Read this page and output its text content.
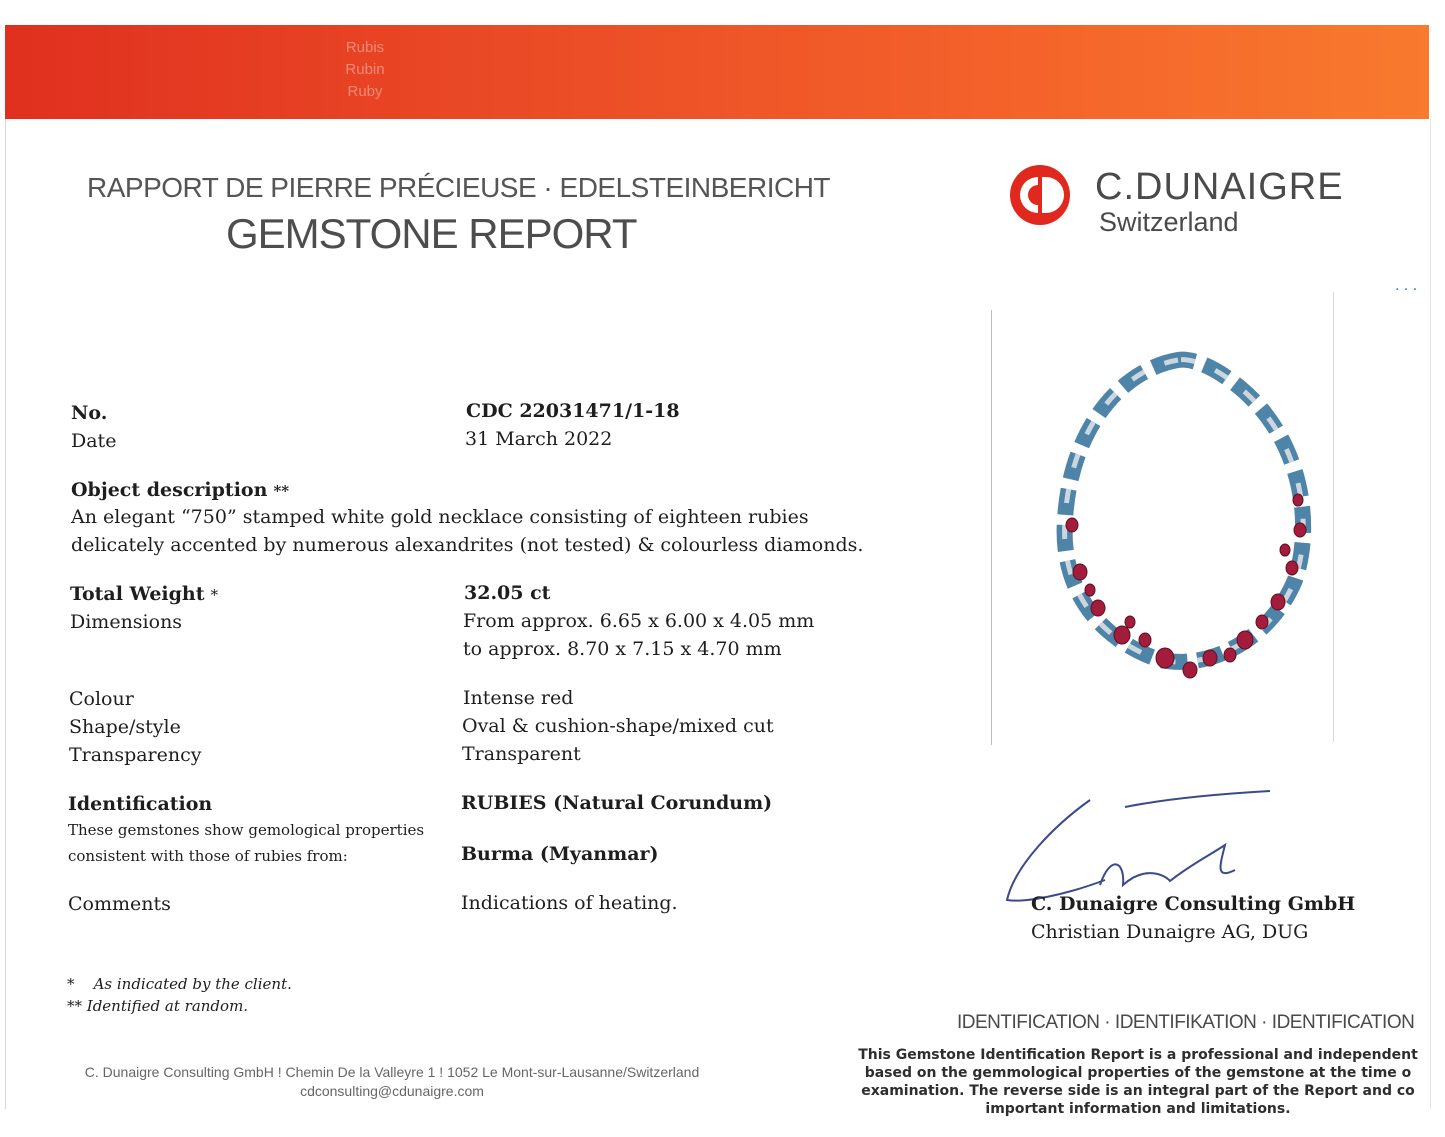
Rubis
Rubin
Ruby
RAPPORT DE PIERRE PRÉCIEUSE · EDELSTEINBERICHT
GEMSTONE REPORT
C.DUNAIGRE
Switzerland
· · ·
No.	CDC 22031471/1-18
Date	31 March 2022
Object description **
An elegant “750” stamped white gold necklace consisting of eighteen rubies
delicately accented by numerous alexandrites (not tested) & colourless diamonds.
Total Weight *	32.05 ct
Dimensions	From approx. 6.65 x 6.00 x 4.05 mm
to approx. 8.70 x 7.15 x 4.70 mm
Colour	Intense red
Shape/style	Oval & cushion-shape/mixed cut
Transparency	Transparent
Identification	RUBIES (Natural Corundum)
These gemstones show gemological properties
consistent with those of rubies from:	Burma (Myanmar)
Comments	Indications of heating.
* As indicated by the client.
** Identified at random.
C. Dunaigre Consulting GmbH
Christian Dunaigre AG, DUG
IDENTIFICATION · IDENTIFIKATION · IDENTIFICATION
This Gemstone Identification Report is a professional and independent
based on the gemmological properties of the gemstone at the time o
examination. The reverse side is an integral part of the Report and co
important information and limitations.
C. Dunaigre Consulting GmbH ! Chemin De la Valleyre 1 ! 1052 Le Mont-sur-Lausanne/Switzerland
cdconsulting@cdunaigre.com
